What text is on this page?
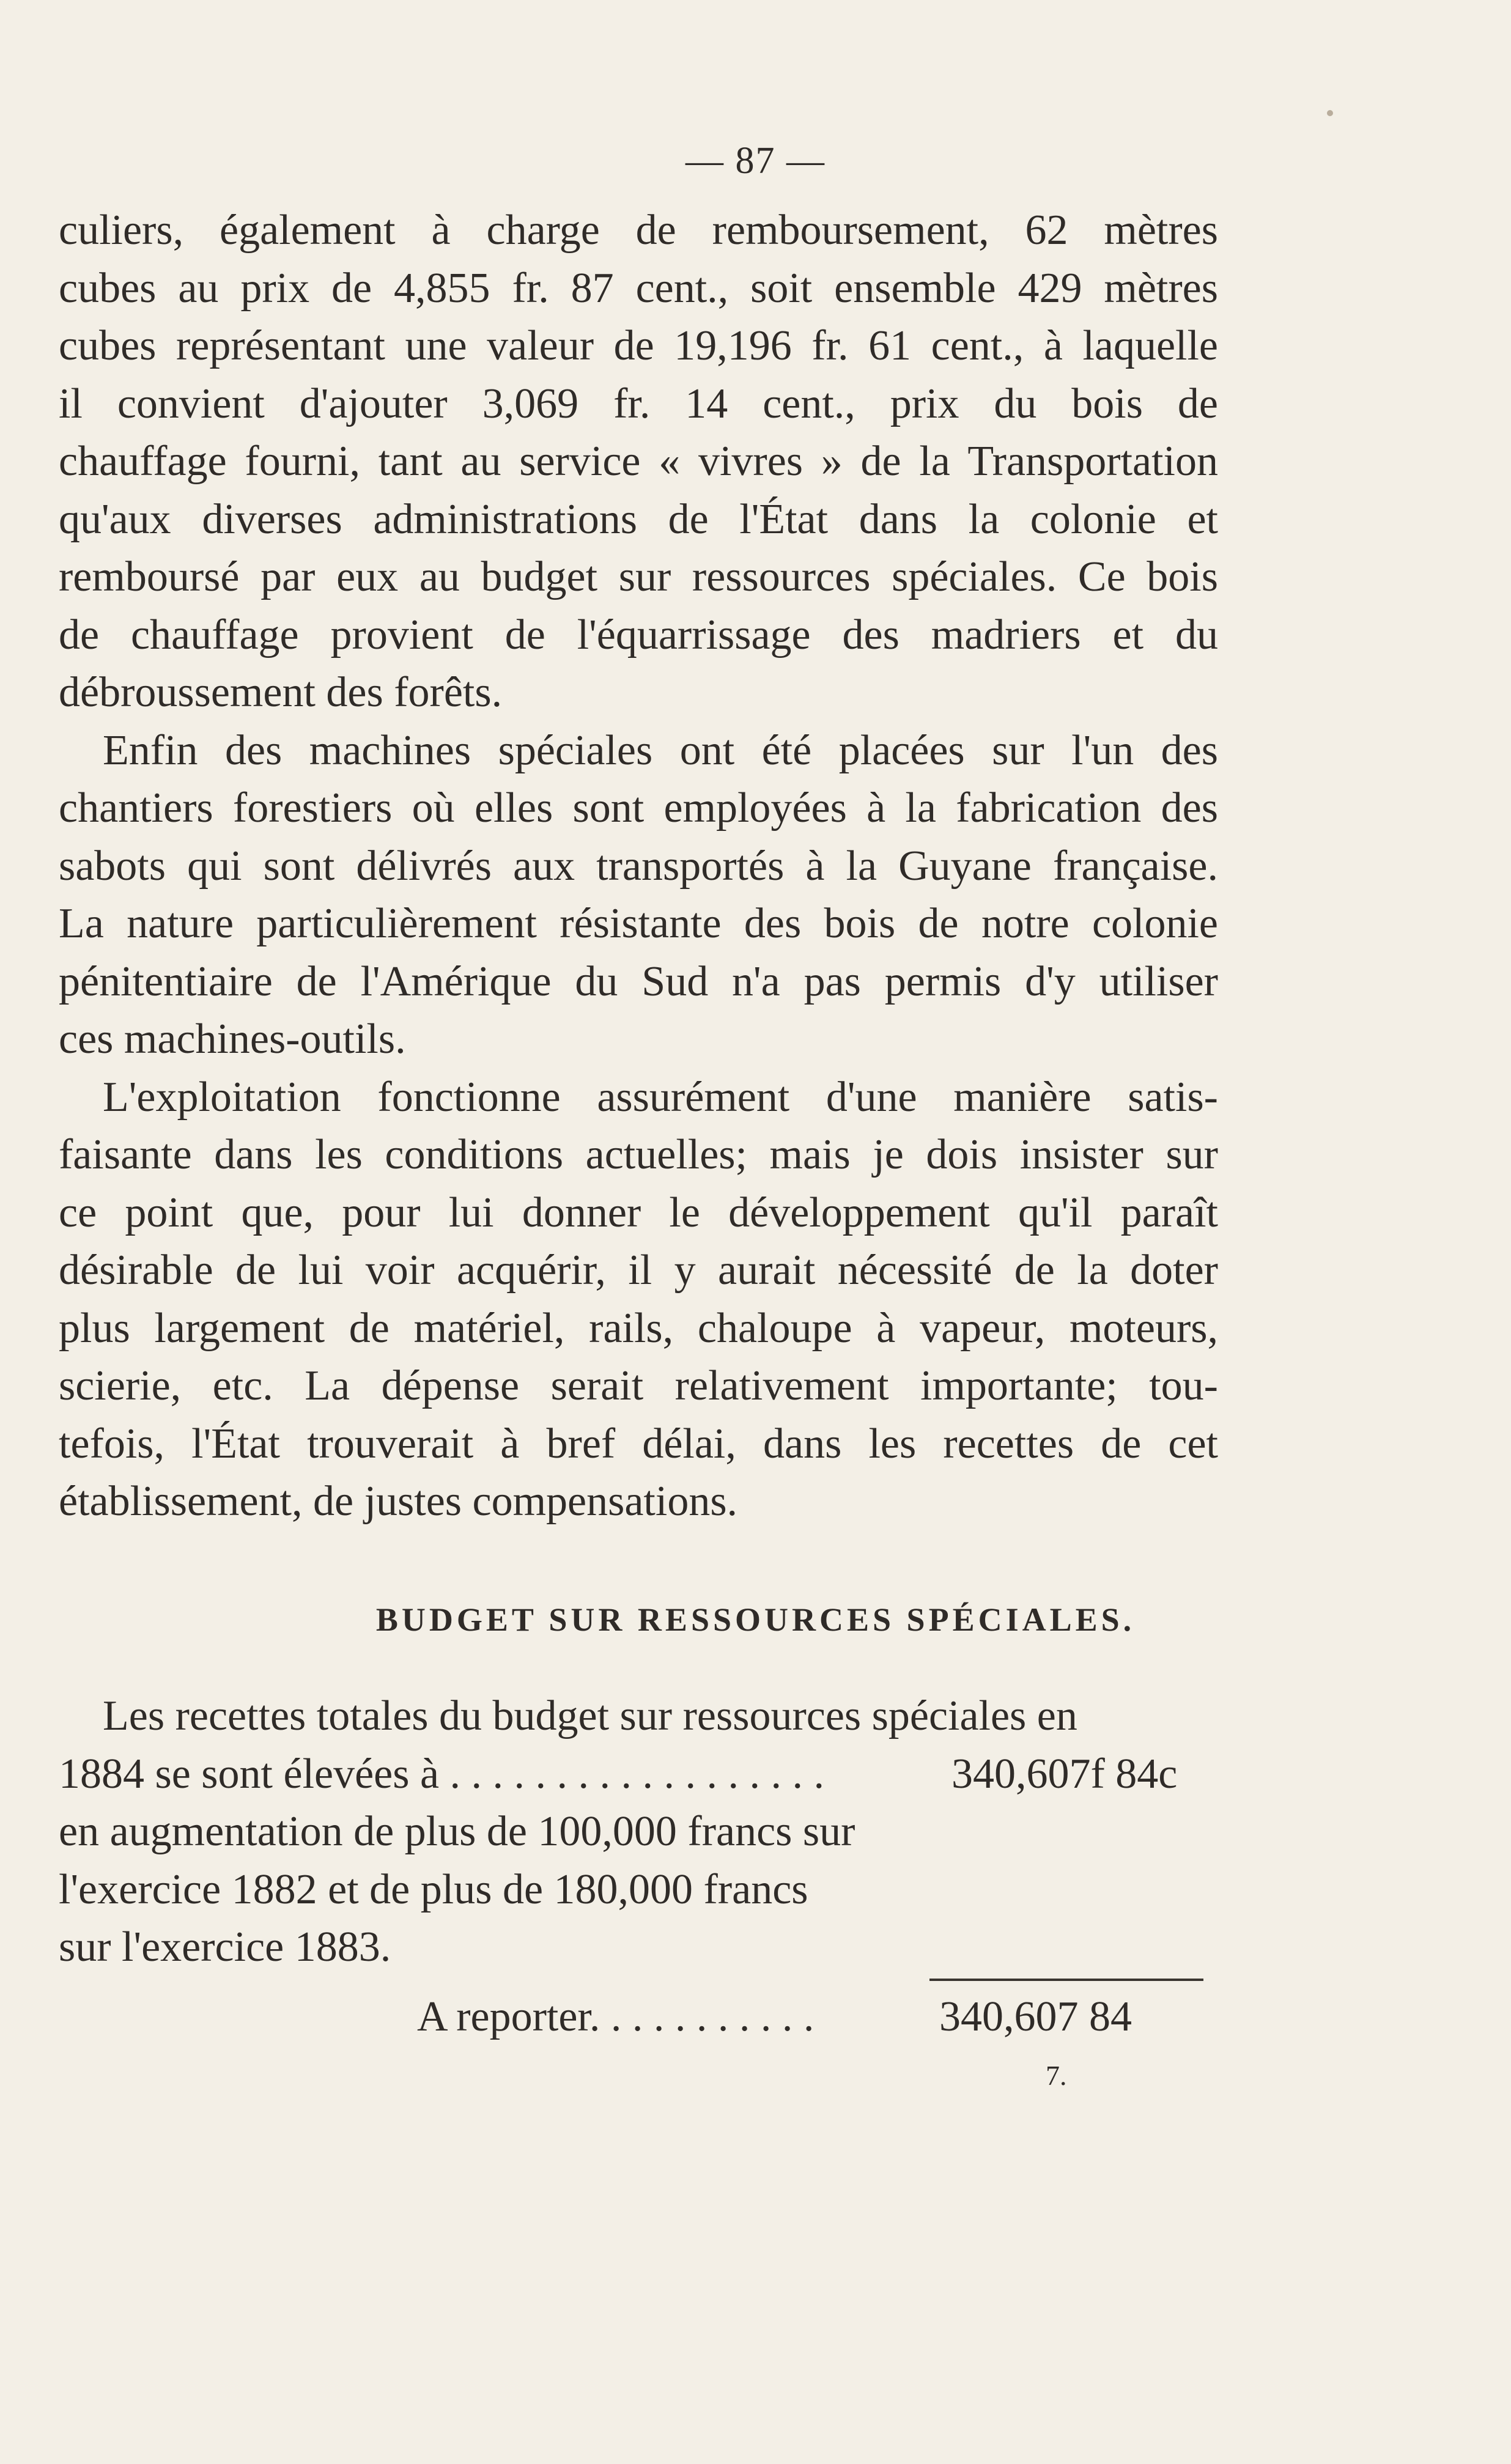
— 87 —
culiers, également à charge de remboursement, 62 mètres
cubes au prix de 4,855 fr. 87 cent., soit ensemble 429 mètres
cubes représentant une valeur de 19,196 fr. 61 cent., à laquelle
il convient d'ajouter 3,069 fr. 14 cent., prix du bois de
chauffage fourni, tant au service « vivres » de la Transportation
qu'aux diverses administrations de l'État dans la colonie et
remboursé par eux au budget sur ressources spéciales. Ce bois
de chauffage provient de l'équarrissage des madriers et du
débroussement des forêts.
Enfin des machines spéciales ont été placées sur l'un des
chantiers forestiers où elles sont employées à la fabrication des
sabots qui sont délivrés aux transportés à la Guyane française.
La nature particulièrement résistante des bois de notre colonie
pénitentiaire de l'Amérique du Sud n'a pas permis d'y utiliser
ces machines-outils.
L'exploitation fonctionne assurément d'une manière satis-
faisante dans les conditions actuelles; mais je dois insister sur
ce point que, pour lui donner le développement qu'il paraît
désirable de lui voir acquérir, il y aurait nécessité de la doter
plus largement de matériel, rails, chaloupe à vapeur, moteurs,
scierie, etc. La dépense serait relativement importante; tou-
tefois, l'État trouverait à bref délai, dans les recettes de cet
établissement, de justes compensations.
BUDGET SUR RESSOURCES SPÉCIALES.
Les recettes totales du budget sur ressources spéciales en
1884 se sont élevées à . . . . . . . . . . . . . . . . . .	340,607f 84c
en augmentation de plus de 100,000 francs sur
l'exercice 1882 et de plus de 180,000 francs
sur l'exercice 1883.
A reporter. . . . . . . . . . .	340,607 84
7.
